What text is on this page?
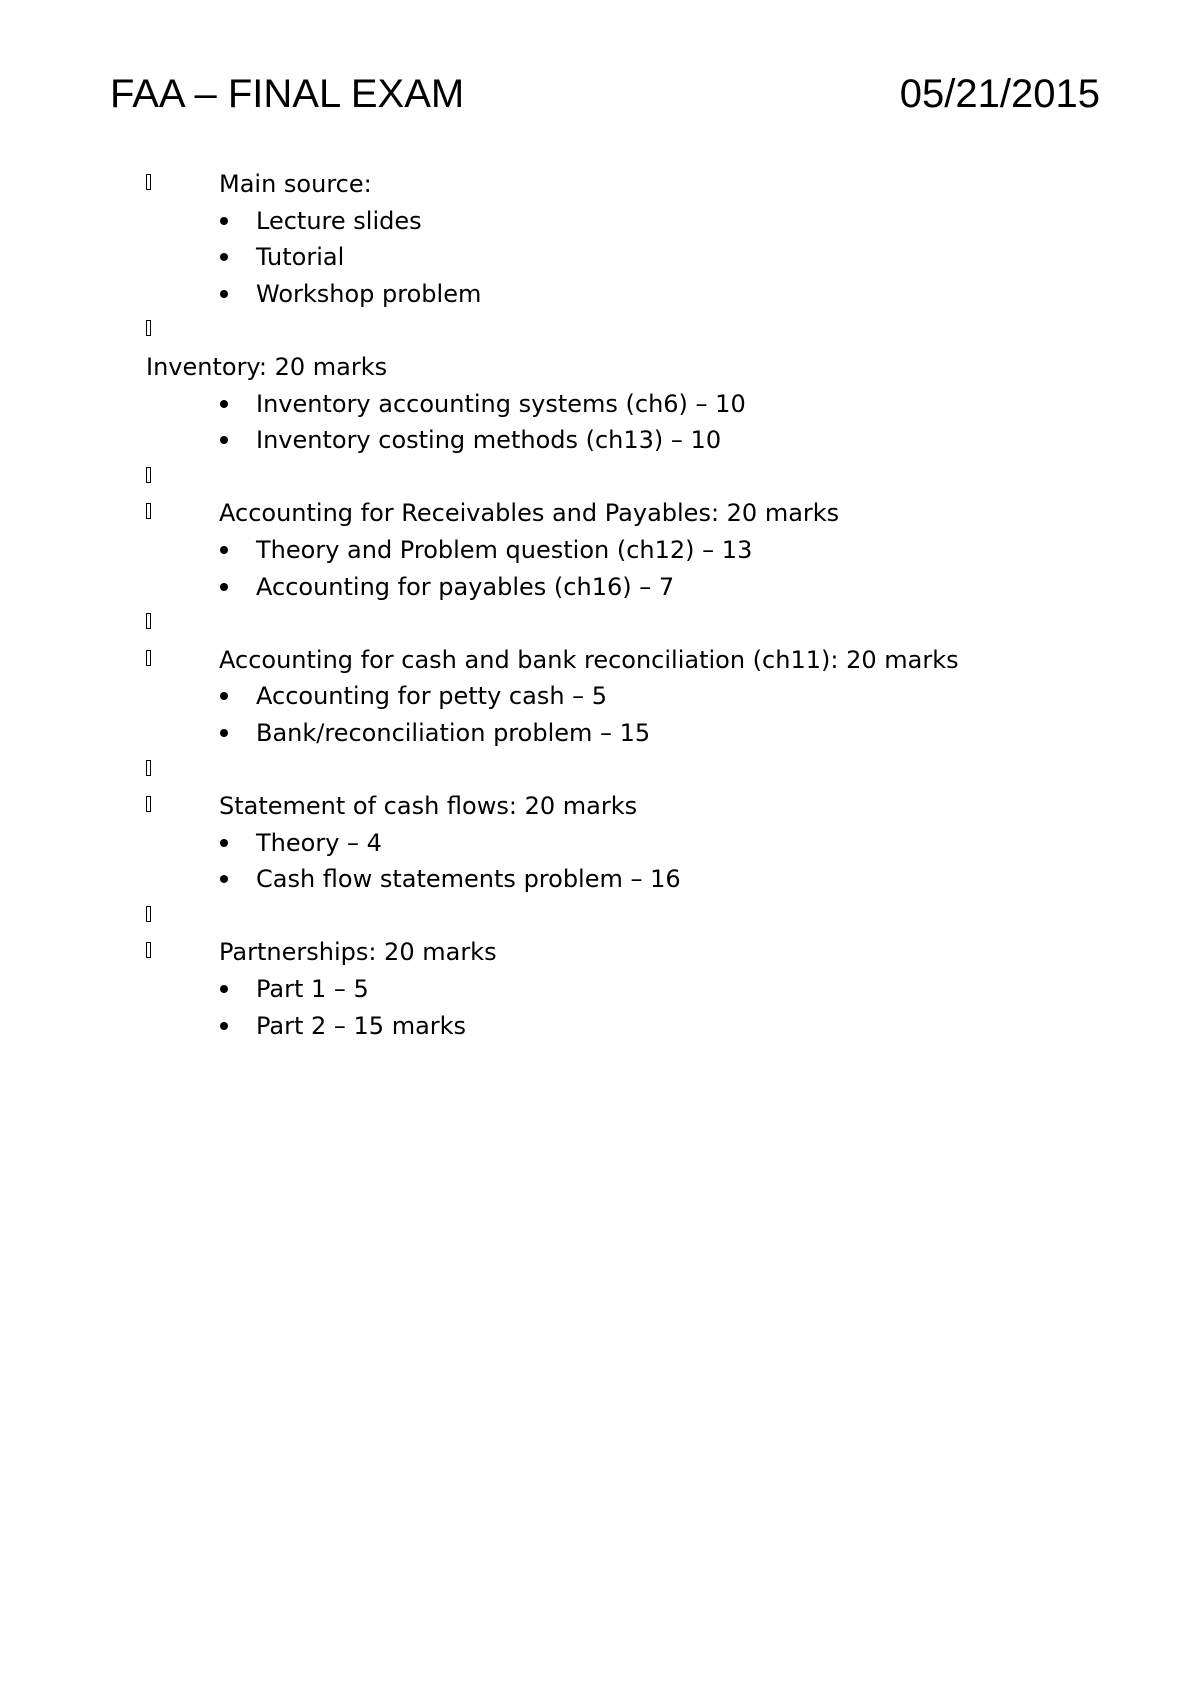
FAA – FINAL EXAM	05/21/2015
Main source:
Lecture slides
Tutorial
Workshop problem
Inventory: 20 marks
Inventory accounting systems (ch6) – 10
Inventory costing methods (ch13) – 10
Accounting for Receivables and Payables: 20 marks
Theory and Problem question (ch12) – 13
Accounting for payables (ch16) – 7
Accounting for cash and bank reconciliation (ch11): 20 marks
Accounting for petty cash – 5
Bank/reconciliation problem – 15
Statement of cash flows: 20 marks
Theory – 4
Cash flow statements problem – 16
Partnerships: 20 marks
Part 1 – 5
Part 2 – 15 marks
